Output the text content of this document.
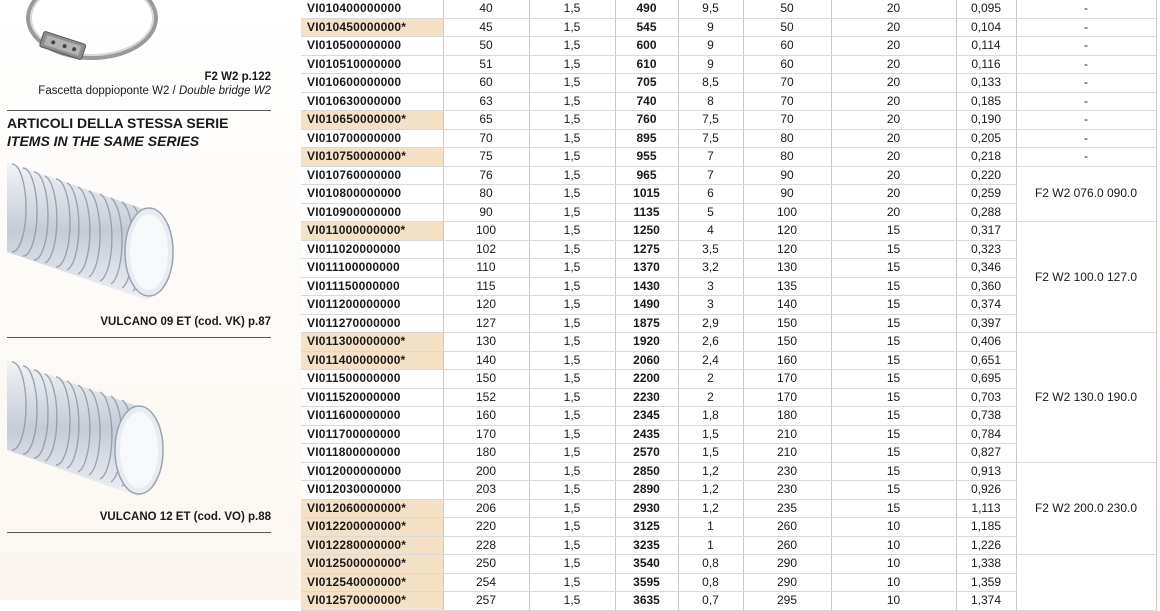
F2 W2 p.122
Fascetta doppioponte W2 / Double bridge W2
ARTICOLI DELLA STESSA SERIE
ITEMS IN THE SAME SERIES
VULCANO 09 ET (cod. VK) p.87
VULCANO 12 ET (cod. VO) p.88
VI010400000000	40	1,5	490	9,5	50	20	0,095	-
VI010450000000*	45	1,5	545	9	50	20	0,104	-
VI010500000000	50	1,5	600	9	60	20	0,114	-
VI010510000000	51	1,5	610	9	60	20	0,116	-
VI010600000000	60	1,5	705	8,5	70	20	0,133	-
VI010630000000	63	1,5	740	8	70	20	0,185	-
VI010650000000*	65	1,5	760	7,5	70	20	0,190	-
VI010700000000	70	1,5	895	7,5	80	20	0,205	-
VI010750000000*	75	1,5	955	7	80	20	0,218	-
VI010760000000	76	1,5	965	7	90	20	0,220	F2 W2 076.0 090.0
VI010800000000	80	1,5	1015	6	90	20	0,259	
VI010900000000	90	1,5	1135	5	100	20	0,288	
VI011000000000*	100	1,5	1250	4	120	15	0,317	F2 W2 100.0 127.0
VI011020000000	102	1,5	1275	3,5	120	15	0,323	
VI011100000000	110	1,5	1370	3,2	130	15	0,346	
VI011150000000	115	1,5	1430	3	135	15	0,360	
VI011200000000	120	1,5	1490	3	140	15	0,374	
VI011270000000	127	1,5	1875	2,9	150	15	0,397	
VI011300000000*	130	1,5	1920	2,6	150	15	0,406	F2 W2 130.0 190.0
VI011400000000*	140	1,5	2060	2,4	160	15	0,651	
VI011500000000	150	1,5	2200	2	170	15	0,695	
VI011520000000	152	1,5	2230	2	170	15	0,703	
VI011600000000	160	1,5	2345	1,8	180	15	0,738	
VI011700000000	170	1,5	2435	1,5	210	15	0,784	
VI011800000000	180	1,5	2570	1,5	210	15	0,827	
VI012000000000	200	1,5	2850	1,2	230	15	0,913	F2 W2 200.0 230.0
VI012030000000	203	1,5	2890	1,2	230	15	0,926	
VI012060000000*	206	1,5	2930	1,2	235	15	1,113	
VI012200000000*	220	1,5	3125	1	260	10	1,185	
VI012280000000*	228	1,5	3235	1	260	10	1,226	
VI012500000000*	250	1,5	3540	0,8	290	10	1,338	
VI012540000000*	254	1,5	3595	0,8	290	10	1,359	
VI012570000000*	257	1,5	3635	0,7	295	10	1,374	
